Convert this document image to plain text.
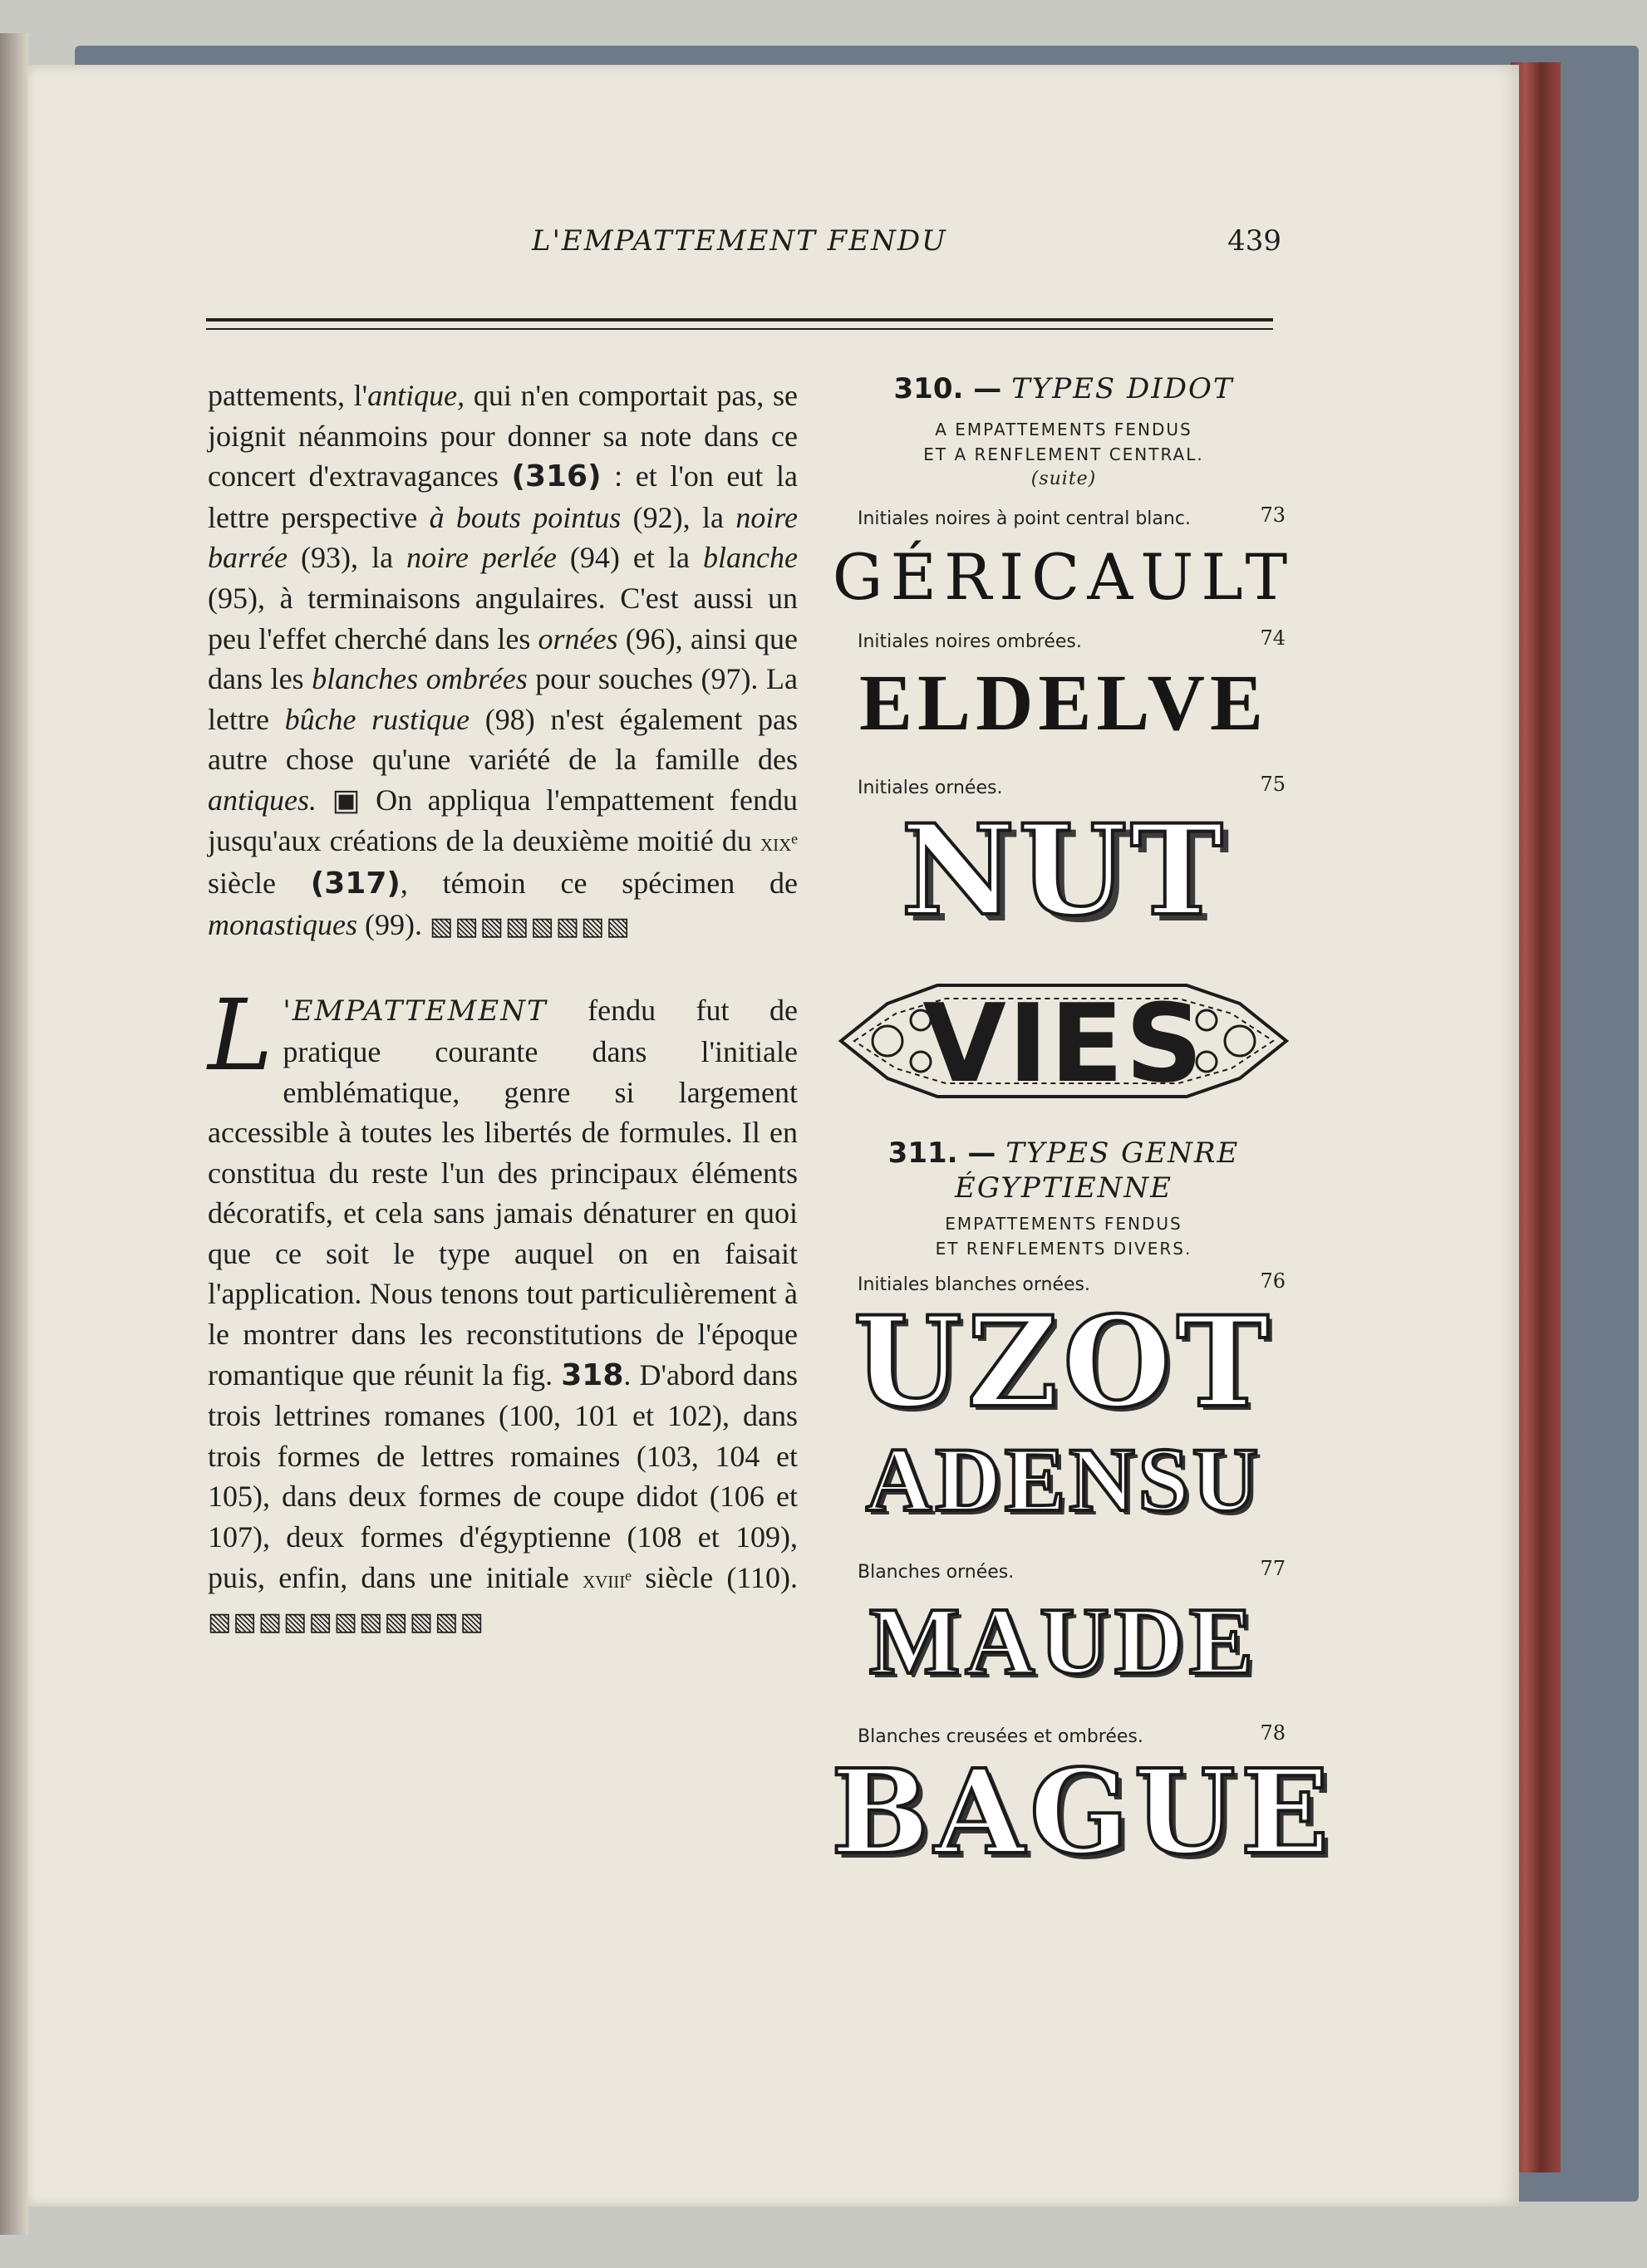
L'EMPATTEMENT FENDU	439

pattements, l'antique, qui n'en comportait pas, se joignit néanmoins pour donner sa note dans ce concert d'extravagances (316) : et l'on eut la lettre perspective à bouts pointus (92), la noire barrée (93), la noire perlée (94) et la blanche (95), à terminaisons angulaires. C'est aussi un peu l'effet cherché dans les ornées (96), ainsi que dans les blanches ombrées pour souches (97). La lettre bûche rustique (98) n'est également pas autre chose qu'une variété de la famille des antiques. ▣ On appliqua l'empattement fendu jusqu'aux créations de la deuxième moitié du xixᵉ siècle (317), témoin ce spécimen de monastiques (99). ▧▧▧▧▧▧▧▧

L 'EMPATTEMENT fendu fut de pratique courante dans l'initiale emblématique, genre si largement accessible à toutes les libertés de formules. Il en constitua du reste l'un des principaux éléments décoratifs, et cela sans jamais dénaturer en quoi que ce soit le type auquel on en faisait l'application. Nous tenons tout particulièrement à le montrer dans les reconstitutions de l'époque romantique que réunit la fig. 318. D'abord dans trois lettrines romanes (100, 101 et 102), dans trois formes de lettres romaines (103, 104 et 105), dans deux formes de coupe didot (106 et 107), deux formes d'égyptienne (108 et 109), puis, enfin, dans une initiale xviiiᵉ siècle (110). ▧▧▧▧▧▧▧▧▧▧▧

310. — TYPES DIDOT
A EMPATTEMENTS FENDUS
ET A RENFLEMENT CENTRAL.
(suite)
Initiales noires à point central blanc.	73
GÉRICAULT
Initiales noires ombrées.	74
ELDELVE
Initiales ornées.	75
NUT
VIES
311. — TYPES GENRE
ÉGYPTIENNE
EMPATTEMENTS FENDUS
ET RENFLEMENTS DIVERS.
Initiales blanches ornées.	76
UZOT
ADENSU
Blanches ornées.	77
MAUDE
Blanches creusées et ombrées.	78
BAGUE
